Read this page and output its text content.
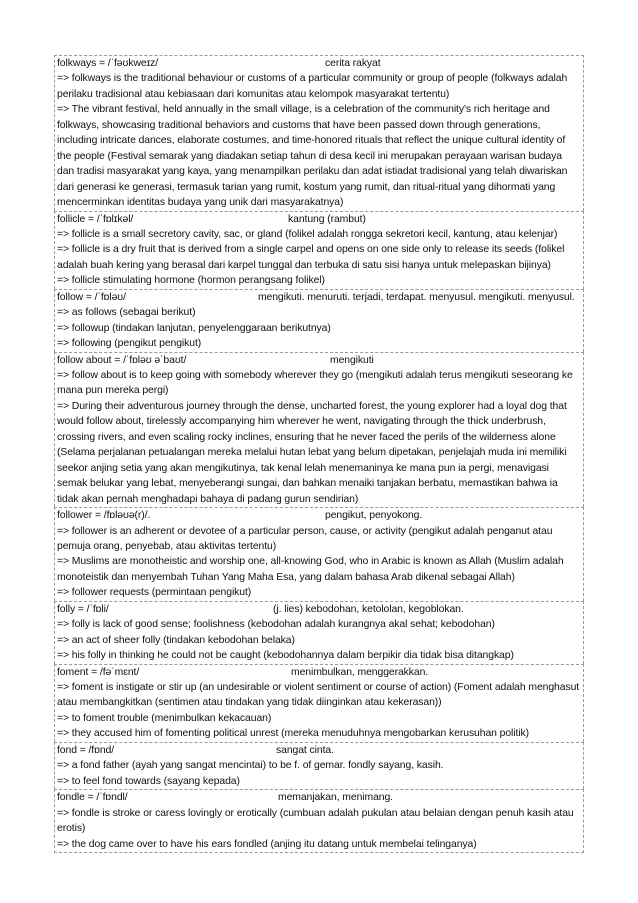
folkways = /ˈfəʊkweɪz/	cerita rakyat
=> folkways is the traditional behaviour or customs of a particular community or group of people (folkways adalah perilaku tradisional atau kebiasaan dari komunitas atau kelompok masyarakat tertentu)
=> The vibrant festival, held annually in the small village, is a celebration of the community's rich heritage and folkways, showcasing traditional behaviors and customs that have been passed down through generations, including intricate dances, elaborate costumes, and time-honored rituals that reflect the unique cultural identity of the people (Festival semarak yang diadakan setiap tahun di desa kecil ini merupakan perayaan warisan budaya dan tradisi masyarakat yang kaya, yang menampilkan perilaku dan adat istiadat tradisional yang telah diwariskan dari generasi ke generasi, termasuk tarian yang rumit, kostum yang rumit, dan ritual-ritual yang dihormati yang mencerminkan identitas budaya yang unik dari masyarakatnya)
follicle = /ˈfɒlɪkəl/	kantung (rambut)
=> follicle is a small secretory cavity, sac, or gland (folikel adalah rongga sekretori kecil, kantung, atau kelenjar)
=> follicle is a dry fruit that is derived from a single carpel and opens on one side only to release its seeds (folikel adalah buah kering yang berasal dari karpel tunggal dan terbuka di satu sisi hanya untuk melepaskan bijinya)
=> follicle stimulating hormone (hormon perangsang folikel)
follow = /ˈfɒləʊ/	mengikuti. menuruti. terjadi, terdapat. menyusul. mengikuti. menyusul.
=> as follows (sebagai berikut)
=> followup (tindakan lanjutan, penyelenggaraan berikutnya)
=> following (pengikut pengikut)
follow about = /ˈfɒləʊ əˈbaʊt/	mengikuti
=> follow about is to keep going with somebody wherever they go (mengikuti adalah terus mengikuti seseorang ke mana pun mereka pergi)
=> During their adventurous journey through the dense, uncharted forest, the young explorer had a loyal dog that would follow about, tirelessly accompanying him wherever he went, navigating through the thick underbrush, crossing rivers, and even scaling rocky inclines, ensuring that he never faced the perils of the wilderness alone (Selama perjalanan petualangan mereka melalui hutan lebat yang belum dipetakan, penjelajah muda ini memiliki seekor anjing setia yang akan mengikutinya, tak kenal lelah menemaninya ke mana pun ia pergi, menavigasi semak belukar yang lebat, menyeberangi sungai, dan bahkan menaiki tanjakan berbatu, memastikan bahwa ia tidak akan pernah menghadapi bahaya di padang gurun sendirian)
follower = /fɒləʊə(r)/.	pengikut, penyokong.
=> follower is an adherent or devotee of a particular person, cause, or activity (pengikut adalah penganut atau pemuja orang, penyebab, atau aktivitas tertentu)
=> Muslims are monotheistic and worship one, all-knowing God, who in Arabic is known as Allah (Muslim adalah monoteistik dan menyembah Tuhan Yang Maha Esa, yang dalam bahasa Arab dikenal sebagai Allah)
=> follower requests (permintaan pengikut)
folly = /ˈfɒli/	(j. lies) kebodohan, ketololan, kegoblokan.
=> folly is lack of good sense; foolishness (kebodohan adalah kurangnya akal sehat; kebodohan)
=> an act of sheer folly (tindakan kebodohan belaka)
=> his folly in thinking he could not be caught (kebodohannya dalam berpikir dia tidak bisa ditangkap)
foment = /fəˈmɛnt/	menimbulkan, menggerakkan.
=> foment is instigate or stir up (an undesirable or violent sentiment or course of action) (Foment adalah menghasut atau membangkitkan (sentimen atau tindakan yang tidak diinginkan atau kekerasan))
=> to foment trouble (menimbulkan kekacauan)
=> they accused him of fomenting political unrest (mereka menuduhnya mengobarkan kerusuhan politik)
fond = /fɒnd/	sangat cinta.
=> a fond father (ayah yang sangat mencintai) to be f. of gemar. fondly sayang, kasih.
=> to feel fond towards (sayang kepada)
fondle = /ˈfɒndl/	memanjakan, menimang.
=> fondle is stroke or caress lovingly or erotically (cumbuan adalah pukulan atau belaian dengan penuh kasih atau erotis)
=> the dog came over to have his ears fondled (anjing itu datang untuk membelai telinganya)
